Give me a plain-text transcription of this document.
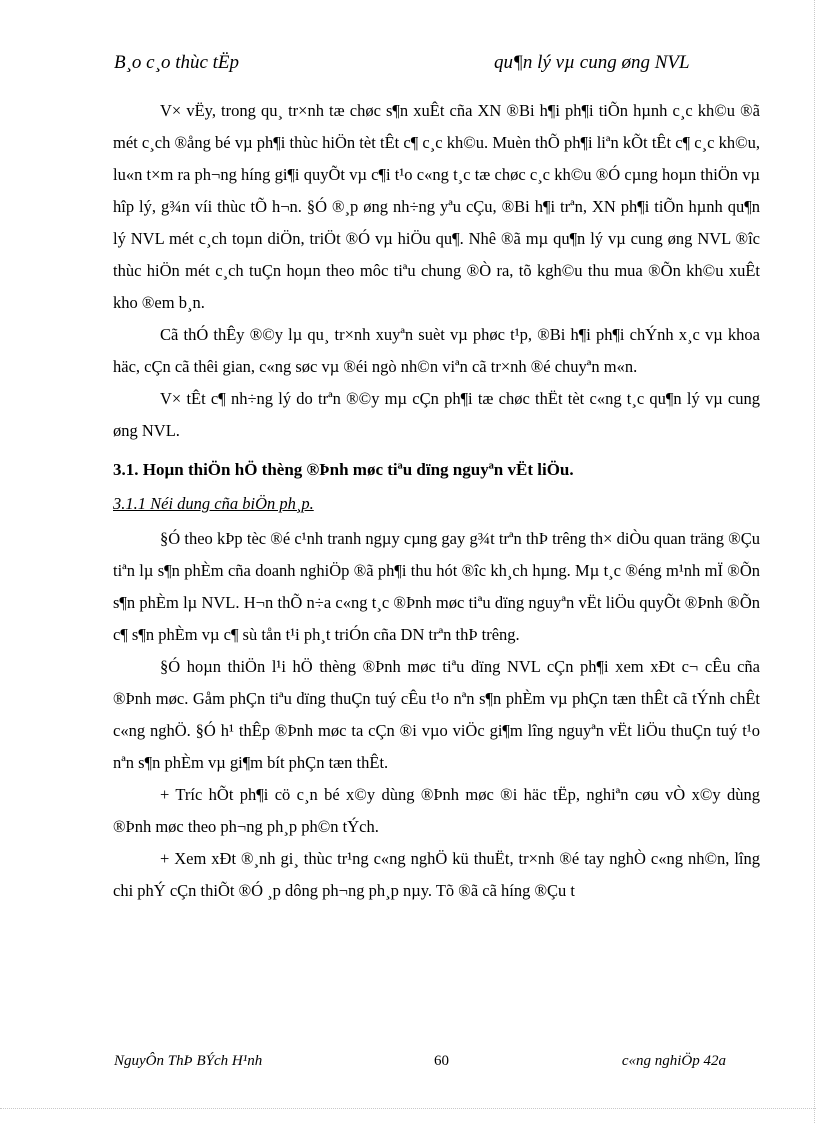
B¸o c¸o thùc tËp	qu¶n lý vµ cung øng NVL

V× vËy, trong qu¸ tr×nh tæ chøc s¶n xuÊt cña XN ®Bi h¶i ph¶i tiÕn hµnh c¸c kh©u ®ã mét c¸ch ®ång bé vµ ph¶i thùc hiÖn tèt tÊt c¶ c¸c kh©u. Muèn thÕ ph¶i liªn kÕt tÊt c¶ c¸c kh©u, lu«n t×m ra ph¬ng híng gi¶i quyÕt vµ c¶i t¹o c«ng t¸c tæ chøc c¸c kh©u ®Ó cµng hoµn thiÖn vµ hîp lý, g¾n víi thùc tÕ h¬n. §Ó ®¸p øng nh÷ng yªu cÇu, ®Bi h¶i trªn, XN ph¶i tiÕn hµnh qu¶n lý NVL mét c¸ch toµn diÖn, triÖt ®Ó vµ hiÖu qu¶. Nhê ®ã mµ qu¶n lý vµ cung øng NVL ®îc thùc hiÖn mét c¸ch tuÇn hoµn theo môc tiªu chung ®Ò ra, tõ kgh©u thu mua ®Õn kh©u xuÊt kho ®em b¸n.

Cã thÓ thÊy ®©y lµ qu¸ tr×nh xuyªn suèt vµ phøc t¹p, ®Bi h¶i ph¶i chÝnh x¸c vµ khoa häc, cÇn cã thêi gian, c«ng søc vµ ®éi ngò nh©n viªn cã tr×nh ®é chuyªn m«n.

V× tÊt c¶ nh÷ng lý do trªn ®©y mµ cÇn ph¶i tæ chøc thËt tèt c«ng t¸c qu¶n lý vµ cung øng NVL.

3.1. Hoµn thiÖn hÖ thèng ®Þnh møc tiªu dïng nguyªn vËt liÖu.
3.1.1 Néi dung cña biÖn ph¸p.

§Ó theo kÞp tèc ®é c¹nh tranh ngµy cµng gay g¾t trªn thÞ trêng th× diÒu quan träng ®Çu tiªn lµ s¶n phÈm cña doanh nghiÖp ®ã ph¶i thu hót ®îc kh¸ch hµng. Mµ t¸c ®éng m¹nh mÏ ®Õn s¶n phÈm lµ NVL. H¬n thÕ n÷a c«ng t¸c ®Þnh møc tiªu dïng nguyªn vËt liÖu quyÕt ®Þnh ®Õn c¶ s¶n phÈm vµ c¶ sù tån t¹i ph¸t triÓn cña DN trªn thÞ trêng.

§Ó hoµn thiÖn l¹i hÖ thèng ®Þnh møc tiªu dïng NVL cÇn ph¶i xem xÐt c¬ cÊu cña ®Þnh møc. Gåm phÇn tiªu dïng thuÇn tuý cÊu t¹o nªn s¶n phÈm vµ phÇn tæn thÊt cã tÝnh chÊt c«ng nghÖ. §Ó h¹ thÊp ®Þnh møc ta cÇn ®i vµo viÖc gi¶m lîng nguyªn vËt liÖu thuÇn tuý t¹o nªn s¶n phÈm vµ gi¶m bít phÇn tæn thÊt.

+ Tríc hÕt ph¶i cö c¸n bé x©y dùng ®Þnh møc ®i häc tËp, nghiªn cøu vÒ x©y dùng ®Þnh møc theo ph¬ng ph¸p ph©n tÝch.

+ Xem xÐt ®¸nh gi¸ thùc tr¹ng c«ng nghÖ kü thuËt, tr×nh ®é tay nghÒ c«ng nh©n, lîng chi phÝ cÇn thiÕt ®Ó ¸p dông ph¬ng ph¸p nµy. Tõ ®ã cã híng ®Çu t

NguyÔn ThÞ BÝch H¹nh	60	c«ng nghiÖp 42a
